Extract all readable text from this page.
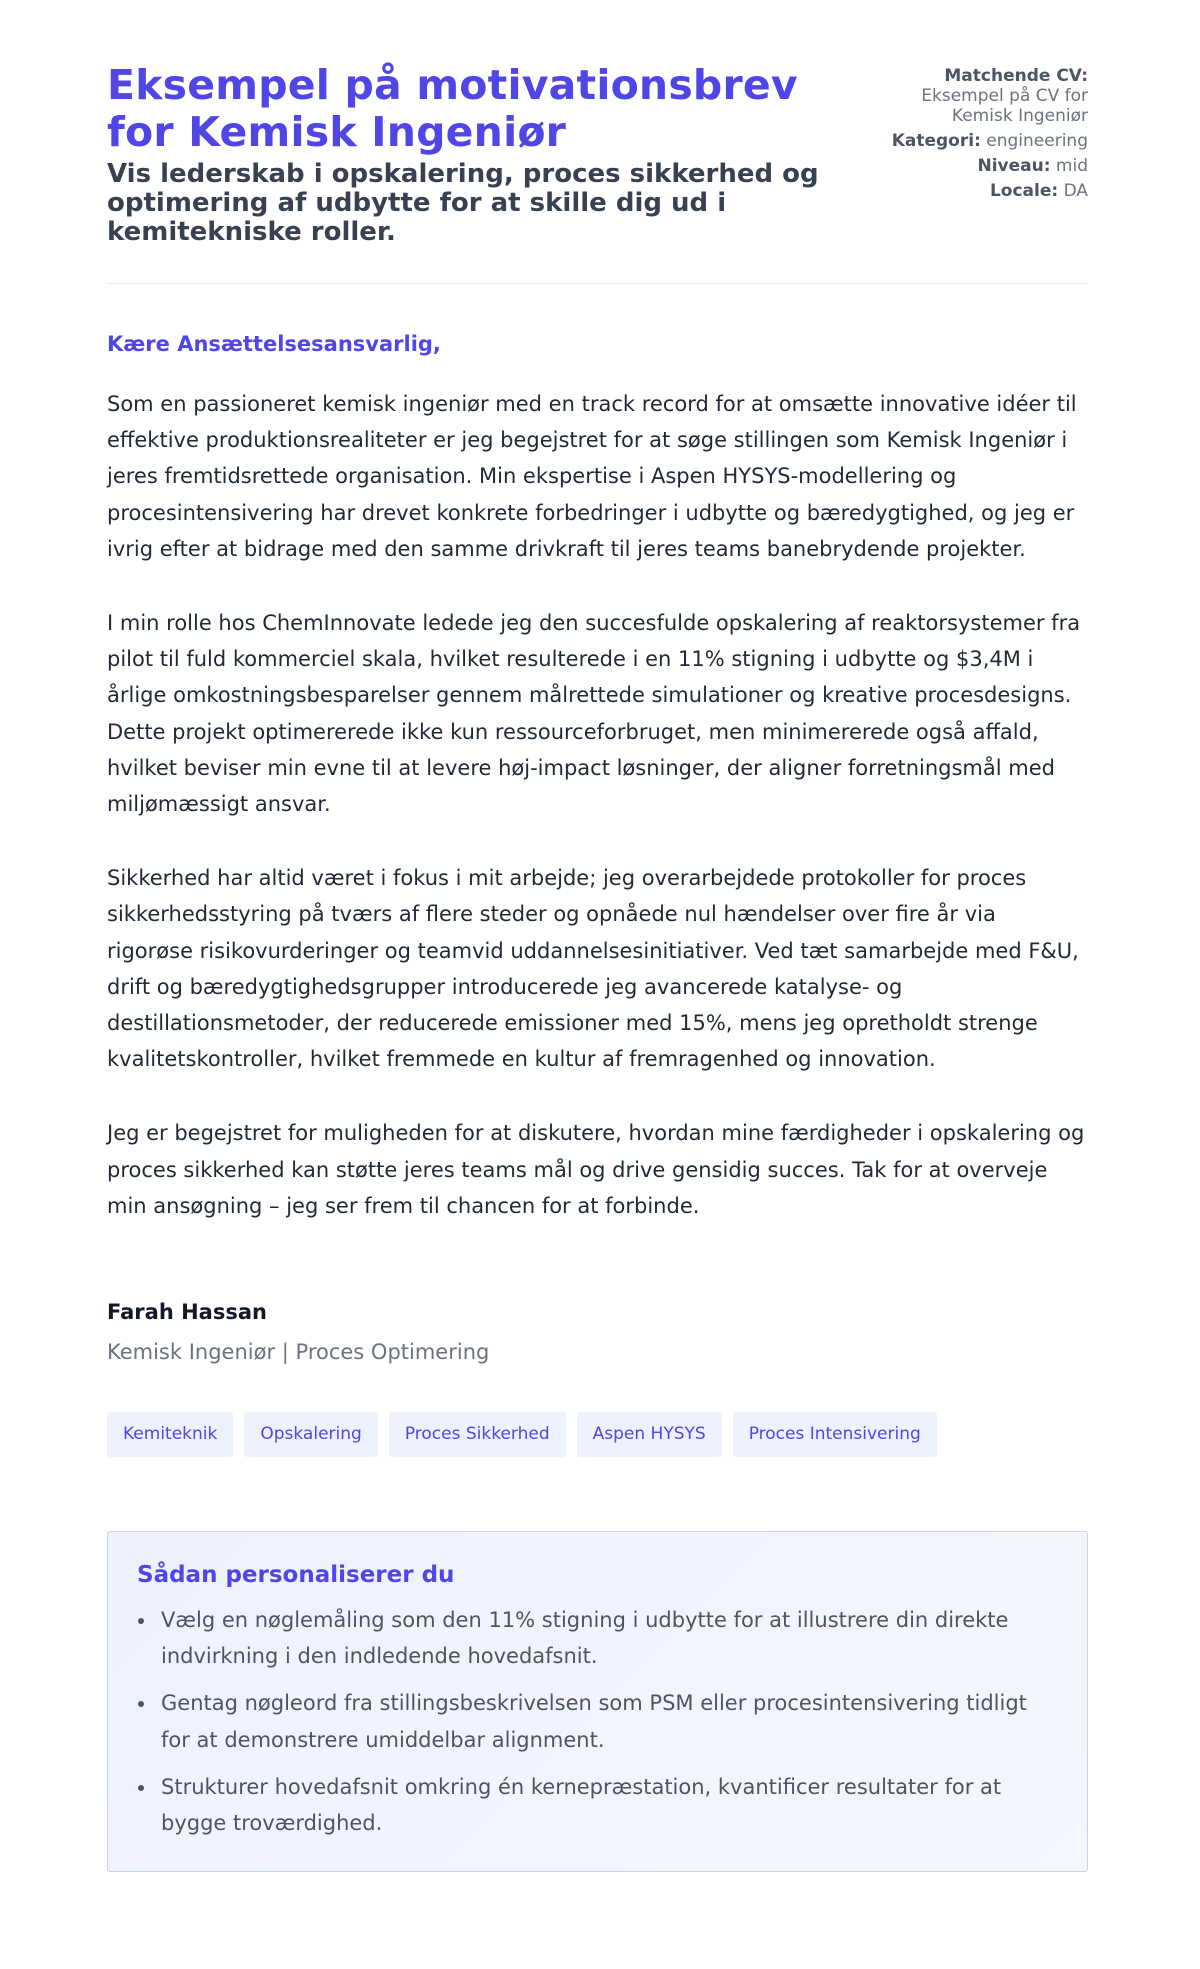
Eksempel på motivationsbrev for Kemisk Ingeniør
Vis lederskab i opskalering, proces sikkerhed og optimering af udbytte for at skille dig ud i kemitekniske roller.
Matchende CV:
Eksempel på CV for Kemisk Ingeniør
Kategori: engineering
Niveau: mid
Locale: DA

Kære Ansættelsesansvarlig,

Som en passioneret kemisk ingeniør med en track record for at omsætte innovative idéer til effektive produktionsrealiteter er jeg begejstret for at søge stillingen som Kemisk Ingeniør i jeres fremtidsrettede organisation. Min ekspertise i Aspen HYSYS-modellering og procesintensivering har drevet konkrete forbedringer i udbytte og bæredygtighed, og jeg er ivrig efter at bidrage med den samme drivkraft til jeres teams banebrydende projekter.

I min rolle hos ChemInnovate ledede jeg den succesfulde opskalering af reaktorsystemer fra pilot til fuld kommerciel skala, hvilket resulterede i en 11% stigning i udbytte og $3,4M i årlige omkostningsbesparelser gennem målrettede simulationer og kreative procesdesigns. Dette projekt optimererede ikke kun ressourceforbruget, men minimererede også affald, hvilket beviser min evne til at levere høj-impact løsninger, der aligner forretningsmål med miljømæssigt ansvar.

Sikkerhed har altid været i fokus i mit arbejde; jeg overarbejdede protokoller for proces sikkerhedsstyring på tværs af flere steder og opnåede nul hændelser over fire år via rigorøse risikovurderinger og teamvid uddannelsesinitiativer. Ved tæt samarbejde med F&U, drift og bæredygtighedsgrupper introducerede jeg avancerede katalyse- og destillationsmetoder, der reducerede emissioner med 15%, mens jeg opretholdt strenge kvalitetskontroller, hvilket fremmede en kultur af fremragenhed og innovation.

Jeg er begejstret for muligheden for at diskutere, hvordan mine færdigheder i opskalering og proces sikkerhed kan støtte jeres teams mål og drive gensidig succes. Tak for at overveje min ansøgning – jeg ser frem til chancen for at forbinde.

Farah Hassan
Kemisk Ingeniør | Proces Optimering
Kemiteknik	Opskalering	Proces Sikkerhed	Aspen HYSYS	Proces Intensivering
Sådan personaliserer du
Vælg en nøglemåling som den 11% stigning i udbytte for at illustrere din direkte indvirkning i den indledende hovedafsnit.
Gentag nøgleord fra stillingsbeskrivelsen som PSM eller procesintensivering tidligt for at demonstrere umiddelbar alignment.
Strukturer hovedafsnit omkring én kernepræstation, kvantificer resultater for at bygge troværdighed.
